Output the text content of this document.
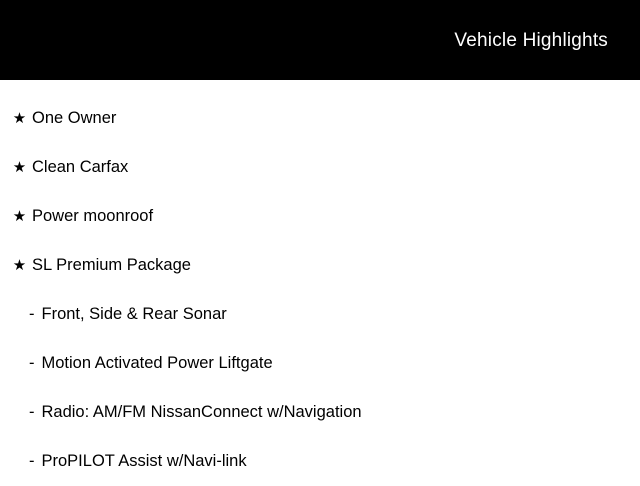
Vehicle Highlights
★ One Owner
★ Clean Carfax
★ Power moonroof
★ SL Premium Package
- Front, Side & Rear Sonar
- Motion Activated Power Liftgate
- Radio: AM/FM NissanConnect w/Navigation
- ProPILOT Assist w/Navi-link
